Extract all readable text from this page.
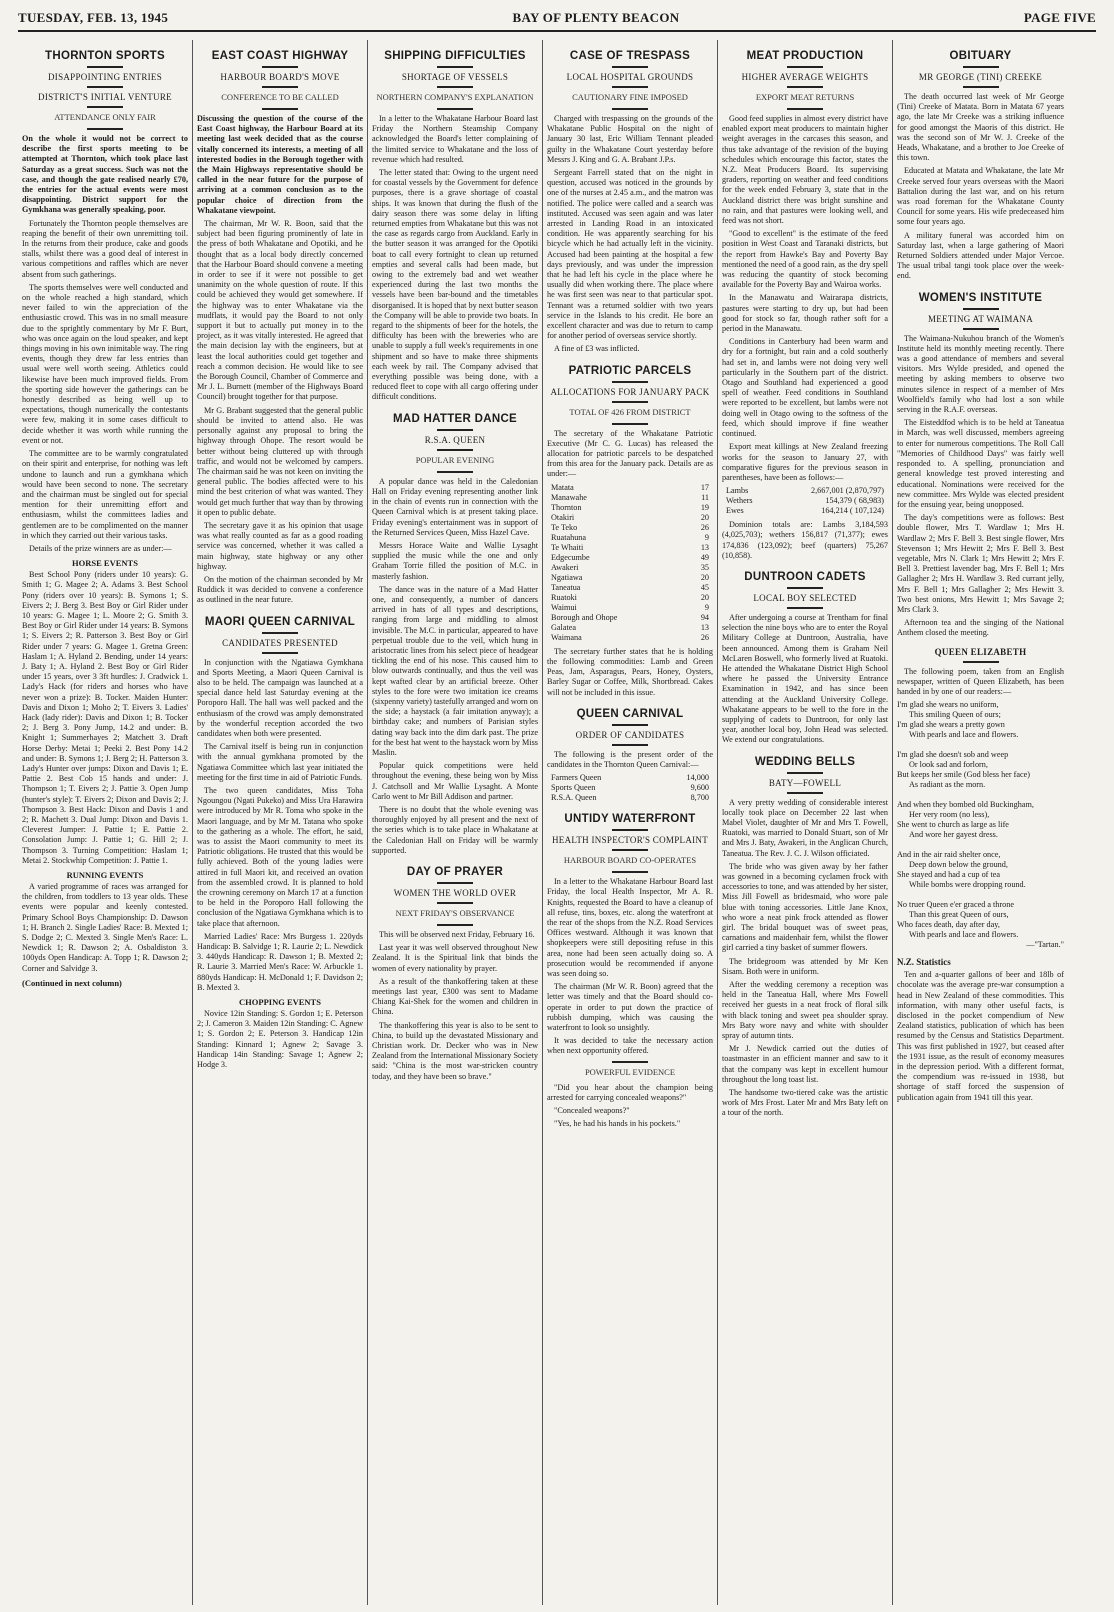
TUESDAY, FEB. 13, 1945	BAY OF PLENTY BEACON	PAGE FIVE
THORNTON SPORTS
DISAPPOINTING ENTRIES
DISTRICT'S INITIAL VENTURE
ATTENDANCE ONLY FAIR

On the whole it would not be correct to describe the first sports meeting to be attempted at Thornton, which took place last Saturday as a great success. Such was not the case, and though the gate realised nearly £70, the entries for the actual events were most disappointing. District support for the Gymkhana was generally speaking, poor.

Fortunately the Thornton people themselves are reaping the benefit of their own unremitting toil. In the returns from their produce, cake and goods stalls, whilst there was a good deal of interest in various competitions and raffles which are never absent from such gatherings.

The sports themselves were well conducted and on the whole reached a high standard, which never failed to win the appreciation of the enthusiastic crowd. This was in no small measure due to the sprightly commentary by Mr F. Burt, who was once again on the loud speaker, and kept things moving in his own inimitable way. The ring events, though they drew far less entries than usual were well worth seeing. Athletics could likewise have been much improved fields. From the sporting side however the gatherings can be honestly described as being well up to expectations, though numerically the contestants were few, making it in some cases difficult to decide whether it was worth while running the event or not.

The committee are to be warmly congratulated on their spirit and enterprise, for nothing was left undone to launch and run a gymkhana which would have been second to none. The secretary and the chairman must be singled out for special mention for their unremitting effort and enthusiasm, whilst the committees ladies and gentlemen are to be complimented on the manner in which they carried out their various tasks.

Details of the prize winners are as under:—

HORSE EVENTS

Best School Pony (riders under 10 years): G. Smith 1; G. Magee 2; A. Adams 3. Best School Pony (riders over 10 years): B. Symons 1; S. Eivers 2; J. Berg 3. Best Boy or Girl Rider under 10 years: G. Magee 1; L. Moore 2; G. Smith 3. Best Boy or Girl Rider under 14 years: B. Symons 1; S. Eivers 2; R. Patterson 3. Best Boy or Girl Rider under 7 years: G. Magee 1. Gretna Green: Haslam 1; A. Hyland 2. Bending, under 14 years: J. Baty 1; A. Hyland 2. Best Boy or Girl Rider under 15 years, over 3 3ft hurdles: J. Cradwick 1. Lady's Hack (for riders and horses who have never won a prize): B. Tocker. Maiden Hunter: Davis and Dixon 1; Moho 2; T. Eivers 3. Ladies' Hack (lady rider): Davis and Dixon 1; B. Tocker 2; J. Berg 3. Pony Jump, 14.2 and under: B. Knight 1; Summerhayes 2; Matchett 3. Draft Horse Derby: Metai 1; Peeki 2. Best Pony 14.2 and under: B. Symons 1; J. Berg 2; H. Patterson 3. Lady's Hunter over jumps: Dixon and Davis 1; E. Pattie 2. Best Cob 15 hands and under: J. Thompson 1; T. Eivers 2; J. Pattie 3. Open Jump (hunter's style): T. Eivers 2; Dixon and Davis 2; J. Thompson 3. Best Hack: Dixon and Davis 1 and 2; R. Machett 3. Dual Jump: Dixon and Davis 1. Cleverest Jumper: J. Pattie 1; E. Pattie 2. Consolation Jump: J. Pattie 1; G. Hill 2; J. Thompson 3. Turning Competition: Haslam 1; Metai 2. Stockwhip Competition: J. Pattie 1.

RUNNING EVENTS

A varied programme of races was arranged for the children, from toddlers to 13 year olds. These events were popular and keenly contested. Primary School Boys Championship: D. Dawson 1; H. Branch 2. Single Ladies' Race: B. Mexted 1; S. Dodge 2; C. Mexted 3. Single Men's Race: L. Newdick 1; R. Dawson 2; A. Osbaldiston 3. 100yds Open Handicap: A. Topp 1; R. Dawson 2; Corner and Salvidge 3.

(Continued in next column)
EAST COAST HIGHWAY
HARBOUR BOARD'S MOVE
CONFERENCE TO BE CALLED

Discussing the question of the course of the East Coast highway, the Harbour Board at its meeting last week decided that as the course vitally concerned its interests, a meeting of all interested bodies in the Borough together with the Main Highways representative should be called in the near future for the purpose of arriving at a common conclusion as to the popular choice of direction from the Whakatane viewpoint.

The chairman, Mr W. R. Boon, said that the subject had been figuring prominently of late in the press of both Whakatane and Opotiki, and he thought that as a local body directly concerned that the Harbour Board should convene a meeting in order to see if it were not possible to get unanimity on the whole question of route. If this could be achieved they would get somewhere. If the highway was to enter Whakatane via the mudflats, it would pay the Board to not only support it but to actually put money in to the project, as it was vitally interested. He agreed that the main decision lay with the engineers, but at least the local authorities could get together and reach a common decision. He would like to see the Borough Council, Chamber of Commerce and Mr J. L. Burnett (member of the Highways Board Council) brought together for that purpose.

Mr G. Brabant suggested that the general public should be invited to attend also. He was personally against any proposal to bring the highway through Ohope. The resort would be better without being cluttered up with through traffic, and would not be welcomed by campers. The chairman said he was not keen on inviting the general public. The bodies affected were to his mind the best criterion of what was wanted. They would get much further that way than by throwing it open to public debate.

The secretary gave it as his opinion that usage was what really counted as far as a good roading service was concerned, whether it was called a main highway, state highway or any other highway.

On the motion of the chairman seconded by Mr Ruddick it was decided to convene a conference as outlined in the near future.

MAORI QUEEN CARNIVAL
CANDIDATES PRESENTED

In conjunction with the Ngatiawa Gymkhana and Sports Meeting, a Maori Queen Carnival is also to be held. The campaign was launched at a special dance held last Saturday evening at the Poroporo Hall. The hall was well packed and the enthusiasm of the crowd was amply demonstrated by the wonderful reception accorded the two candidates when both were presented.

The Carnival itself is being run in conjunction with the annual gymkhana promoted by the Ngatiawa Committee which last year initiated the meeting for the first time in aid of Patriotic Funds.

The two queen candidates, Miss Toha Ngoungou (Ngati Pukeko) and Miss Ura Harawira were introduced by Mr R. Toma who spoke in the Maori language, and by Mr M. Tatana who spoke to the gathering as a whole. The effort, he said, was to assist the Maori community to meet its Patriotic obligations. He trusted that this would be fully achieved. Both of the young ladies were attired in full Maori kit, and received an ovation from the assembled crowd. It is planned to hold the crowning ceremony on March 17 at a function to be held in the Poroporo Hall following the conclusion of the Ngatiawa Gymkhana which is to take place that afternoon.

Married Ladies' Race: Mrs Burgess 1. 220yds Handicap: B. Salvidge 1; R. Laurie 2; L. Newdick 3. 440yds Handicap: R. Dawson 1; B. Mexted 2; R. Laurie 3. Married Men's Race: W. Arbuckle 1. 880yds Handicap: H. McDonald 1; F. Davidson 2; B. Mexted 3.

CHOPPING EVENTS

Novice 12in Standing: S. Gordon 1; E. Peterson 2; J. Cameron 3. Maiden 12in Standing: C. Agnew 1; S. Gordon 2; E. Peterson 3. Handicap 12in Standing: Kinnard 1; Agnew 2; Savage 3. Handicap 14in Standing: Savage 1; Agnew 2; Hodge 3.

SHIPPING DIFFICULTIES
SHORTAGE OF VESSELS
NORTHERN COMPANY'S EXPLANATION

In a letter to the Whakatane Harbour Board last Friday the Northern Steamship Company acknowledged the Board's letter complaining of the limited service to Whakatane and the loss of revenue which had resulted.

The letter stated that: Owing to the urgent need for coastal vessels by the Government for defence purposes, there is a grave shortage of coastal ships. It was known that during the flush of the dairy season there was some delay in lifting returned empties from Whakatane but this was not the case as regards cargo from Auckland. Early in the butter season it was arranged for the Opotiki boat to call every fortnight to clean up returned empties and several calls had been made, but owing to the extremely bad and wet weather experienced during the last two months the vessels have been bar-bound and the timetables disorganised. It is hoped that by next butter season the Company will be able to provide two boats. In regard to the shipments of beer for the hotels, the difficulty has been with the breweries who are unable to supply a full week's requirements in one shipment and so have to make three shipments each week by rail. The Company advised that everything possible was being done, with a reduced fleet to cope with all cargo offering under difficult conditions.

MAD HATTER DANCE
R.S.A. QUEEN
POPULAR EVENING

A popular dance was held in the Caledonian Hall on Friday evening representing another link in the chain of events run in connection with the Queen Carnival which is at present taking place. Friday evening's entertainment was in support of the Returned Services Queen, Miss Hazel Cave.

Messrs Horace Waite and Wallie Lysaght supplied the music while the one and only Graham Torrie filled the position of M.C. in masterly fashion.

The dance was in the nature of a Mad Hatter one, and consequently, a number of dancers arrived in hats of all types and descriptions, ranging from large and middling to almost invisible. The M.C. in particular, appeared to have perpetual trouble due to the veil, which hung in aristocratic lines from his select piece of headgear tickling the end of his nose. This caused him to blow outwards continually, and thus the veil was kept wafted clear by an artificial breeze. Other styles to the fore were two imitation ice creams (sixpenny variety) tastefully arranged and worn on the side; a haystack (a fair imitation anyway); a birthday cake; and numbers of Parisian styles dating way back into the dim dark past. The prize for the best hat went to the haystack worn by Miss Maslin.

Popular quick competitions were held throughout the evening, these being won by Miss J. Catchsoll and Mr Wallie Lysaght. A Monte Carlo went to Mr Bill Addison and partner.

There is no doubt that the whole evening was thoroughly enjoyed by all present and the next of the series which is to take place in Whakatane at the Caledonian Hall on Friday will be warmly supported.

DAY OF PRAYER
WOMEN THE WORLD OVER
NEXT FRIDAY'S OBSERVANCE

This will be observed next Friday, February 16.

Last year it was well observed throughout New Zealand. It is the Spiritual link that binds the women of every nationality by prayer.

As a result of the thankoffering taken at these meetings last year, £300 was sent to Madame Chiang Kai-Shek for the women and children in China.

The thankoffering this year is also to be sent to China, to build up the devastated Missionary and Christian work. Dr. Decker who was in New Zealand from the International Missionary Society said: "China is the most war-stricken country today, and they have been so brave."

CASE OF TRESPASS
LOCAL HOSPITAL GROUNDS
CAUTIONARY FINE IMPOSED

Charged with trespassing on the grounds of the Whakatane Public Hospital on the night of January 30 last, Eric William Tennant pleaded guilty in the Whakatane Court yesterday before Messrs J. King and G. A. Brabant J.P.s.

Sergeant Farrell stated that on the night in question, accused was noticed in the grounds by one of the nurses at 2.45 a.m., and the matron was notified. The police were called and a search was instituted. Accused was seen again and was later arrested in Landing Road in an intoxicated condition. He was apparently searching for his bicycle which he had actually left in the vicinity. Accused had been painting at the hospital a few days previously, and was under the impression that he had left his cycle in the place where he usually did when working there. The place where he was first seen was near to that particular spot. Tennant was a returned soldier with two years service in the Islands to his credit. He bore an excellent character and was due to return to camp for another period of overseas service shortly.

A fine of £3 was inflicted.

PATRIOTIC PARCELS
ALLOCATIONS FOR JANUARY PACK
TOTAL OF 426 FROM DISTRICT

The secretary of the Whakatane Patriotic Executive (Mr C. G. Lucas) has released the allocation for patriotic parcels to be despatched from this area for the January pack. Details are as under:—

Matata	17
Manawahe	11
Thornton	19
Otakiri	20
Te Teko	26
Ruatahuna	9
Te Whaiti	13
Edgecumbe	49
Awakeri	35
Ngatiawa	20
Taneatua	45
Ruatoki	20
Waimui	9
Borough and Ohope	94
Galatea	13
Waimana	26

The secretary further states that he is holding the following commodities: Lamb and Green Peas, Jam, Asparagus, Pears, Honey, Oysters, Barley Sugar or Coffee, Milk, Shortbread. Cakes will not be included in this issue.

QUEEN CARNIVAL
ORDER OF CANDIDATES

The following is the present order of the candidates in the Thornton Queen Carnival:—

Farmers Queen	14,000
Sports Queen	9,600
R.S.A. Queen	8,700
UNTIDY WATERFRONT
HEALTH INSPECTOR'S COMPLAINT
HARBOUR BOARD CO-OPERATES

In a letter to the Whakatane Harbour Board last Friday, the local Health Inspector, Mr A. R. Knights, requested the Board to have a cleanup of all refuse, tins, boxes, etc. along the waterfront at the rear of the shops from the N.Z. Road Services Offices westward. Although it was known that shopkeepers were still depositing refuse in this area, none had been seen actually doing so. A prosecution would be recommended if anyone was seen doing so.

The chairman (Mr W. R. Boon) agreed that the letter was timely and that the Board should co-operate in order to put down the practice of rubbish dumping, which was causing the waterfront to look so unsightly.

It was decided to take the necessary action when next opportunity offered.

POWERFUL EVIDENCE

"Did you hear about the champion being arrested for carrying concealed weapons?"

"Concealed weapons?"

"Yes, he had his hands in his pockets."

MEAT PRODUCTION
HIGHER AVERAGE WEIGHTS
EXPORT MEAT RETURNS

Good feed supplies in almost every district have enabled export meat producers to maintain higher weight averages in the carcases this season, and thus take advantage of the revision of the buying schedules which encourage this factor, states the N.Z. Meat Producers Board. Its supervising graders, reporting on weather and feed conditions for the week ended February 3, state that in the Auckland district there was bright sunshine and no rain, and that pastures were looking well, and feed was not short.

"Good to excellent" is the estimate of the feed position in West Coast and Taranaki districts, but the report from Hawke's Bay and Poverty Bay mentioned the need of a good rain, as the dry spell was reducing the quantity of stock becoming available for the Poverty Bay and Wairoa works.

In the Manawatu and Wairarapa districts, pastures were starting to dry up, but had been good for stock so far, though rather soft for a period in the Manawatu.

Conditions in Canterbury had been warm and dry for a fortnight, but rain and a cold southerly had set in, and lambs were not doing very well particularly in the Southern part of the district. Otago and Southland had experienced a good spell of weather. Feed conditions in Southland were reported to be excellent, but lambs were not doing well in Otago owing to the softness of the feed, which should improve if fine weather continued.

Export meat killings at New Zealand freezing works for the season to January 27, with comparative figures for the previous season in parentheses, have been as follows:—

Lambs	2,667,001 (2,870,797)
Wethers	154,379 ( 68,983)
Ewes	164,214 ( 107,124)

Dominion totals are: Lambs 3,184,593 (4,025,703); wethers 156,817 (71,377); ewes 174,836 (123,092); beef (quarters) 75,267 (10,858).

DUNTROON CADETS
LOCAL BOY SELECTED

After undergoing a course at Trentham for final selection the nine boys who are to enter the Royal Military College at Duntroon, Australia, have been announced. Among them is Graham Neil McLaren Boswell, who formerly lived at Ruatoki. He attended the Whakatane District High School where he passed the University Entrance Examination in 1942, and has since been attending at the Auckland University College. Whakatane appears to be well to the fore in the supplying of cadets to Duntroon, for only last year, another local boy, John Head was selected. We extend our congratulations.

WEDDING BELLS
BATY—FOWELL

A very pretty wedding of considerable interest locally took place on December 22 last when Mabel Violet, daughter of Mr and Mrs T. Fowell, Ruatoki, was married to Donald Stuart, son of Mr and Mrs J. Baty, Awakeri, in the Anglican Church, Taneatua. The Rev. J. C. J. Wilson officiated.

The bride who was given away by her father was gowned in a becoming cyclamen frock with accessories to tone, and was attended by her sister, Miss Jill Fowell as bridesmaid, who wore pale blue with toning accessories. Little Jane Knox, who wore a neat pink frock attended as flower girl. The bridal bouquet was of sweet peas, carnations and maidenhair fern, whilst the flower girl carried a tiny basket of summer flowers.

The bridegroom was attended by Mr Ken Sisam. Both were in uniform.

After the wedding ceremony a reception was held in the Taneatua Hall, where Mrs Fowell received her guests in a neat frock of floral silk with black toning and sweet pea shoulder spray. Mrs Baty wore navy and white with shoulder spray of autumn tints.

Mr J. Newdick carried out the duties of toastmaster in an efficient manner and saw to it that the company was kept in excellent humour throughout the long toast list.

The handsome two-tiered cake was the artistic work of Mrs Frost. Later Mr and Mrs Baty left on a tour of the north.

OBITUARY
MR GEORGE (TINI) CREEKE

The death occurred last week of Mr George (Tini) Creeke of Matata. Born in Matata 67 years ago, the late Mr Creeke was a striking influence for good amongst the Maoris of this district. He was the second son of Mr W. J. Creeke of the Heads, Whakatane, and a brother to Joe Creeke of this town.

Educated at Matata and Whakatane, the late Mr Creeke served four years overseas with the Maori Battalion during the last war, and on his return was road foreman for the Whakatane County Council for some years. His wife predeceased him some four years ago.

A military funeral was accorded him on Saturday last, when a large gathering of Maori Returned Soldiers attended under Major Vercoe. The usual tribal tangi took place over the week-end.

WOMEN'S INSTITUTE
MEETING AT WAIMANA

The Waimana-Nukuhou branch of the Women's Institute held its monthly meeting recently. There was a good attendance of members and several visitors. Mrs Wylde presided, and opened the meeting by asking members to observe two minutes silence in respect of a member of Mrs Woolfield's family who had lost a son while serving in the R.A.F. overseas.

The Eisteddfod which is to be held at Taneatua in March, was well discussed, members agreeing to enter for numerous competitions. The Roll Call "Memories of Childhood Days" was fairly well responded to. A spelling, pronunciation and general knowledge test proved interesting and educational. Nominations were received for the new committee. Mrs Wylde was elected president for the ensuing year, being unopposed.

The day's competitions were as follows: Best double flower, Mrs T. Wardlaw 1; Mrs H. Wardlaw 2; Mrs F. Bell 3. Best single flower, Mrs Stevenson 1; Mrs Hewitt 2; Mrs F. Bell 3. Best vegetable, Mrs N. Clark 1; Mrs Hewitt 2; Mrs F. Bell 3. Prettiest lavender bag, Mrs F. Bell 1; Mrs Gallagher 2; Mrs H. Wardlaw 3. Red currant jelly, Mrs F. Bell 1; Mrs Gallagher 2; Mrs Hewitt 3. Two best onions, Mrs Hewitt 1; Mrs Savage 2; Mrs Clark 3.

Afternoon tea and the singing of the National Anthem closed the meeting.

QUEEN ELIZABETH

The following poem, taken from an English newspaper, written of Queen Elizabeth, has been handed in by one of our readers:—

I'm glad she wears no uniform,
This smiling Queen of ours;
I'm glad she wears a pretty gown
With pearls and lace and flowers.

I'm glad she doesn't sob and weep
Or look sad and forlorn,
But keeps her smile (God bless her face)
As radiant as the morn.

And when they bombed old Buckingham,
Her very room (no less),
She went to church as large as life
And wore her gayest dress.

And in the air raid shelter once,
Deep down below the ground,
She stayed and had a cup of tea
While bombs were dropping round.

No truer Queen e'er graced a throne
Than this great Queen of ours,
Who faces death, day after day,
With pearls and lace and flowers.
—"Tartan."
N.Z. Statistics

Ten and a-quarter gallons of beer and 18lb of chocolate was the average pre-war consumption a head in New Zealand of these commodities. This information, with many other useful facts, is disclosed in the pocket compendium of New Zealand statistics, publication of which has been resumed by the Census and Statistics Department. This was first published in 1927, but ceased after the 1931 issue, as the result of economy measures in the depression period. With a different format, the compendium was re-issued in 1938, but shortage of staff forced the suspension of publication again from 1941 till this year.
